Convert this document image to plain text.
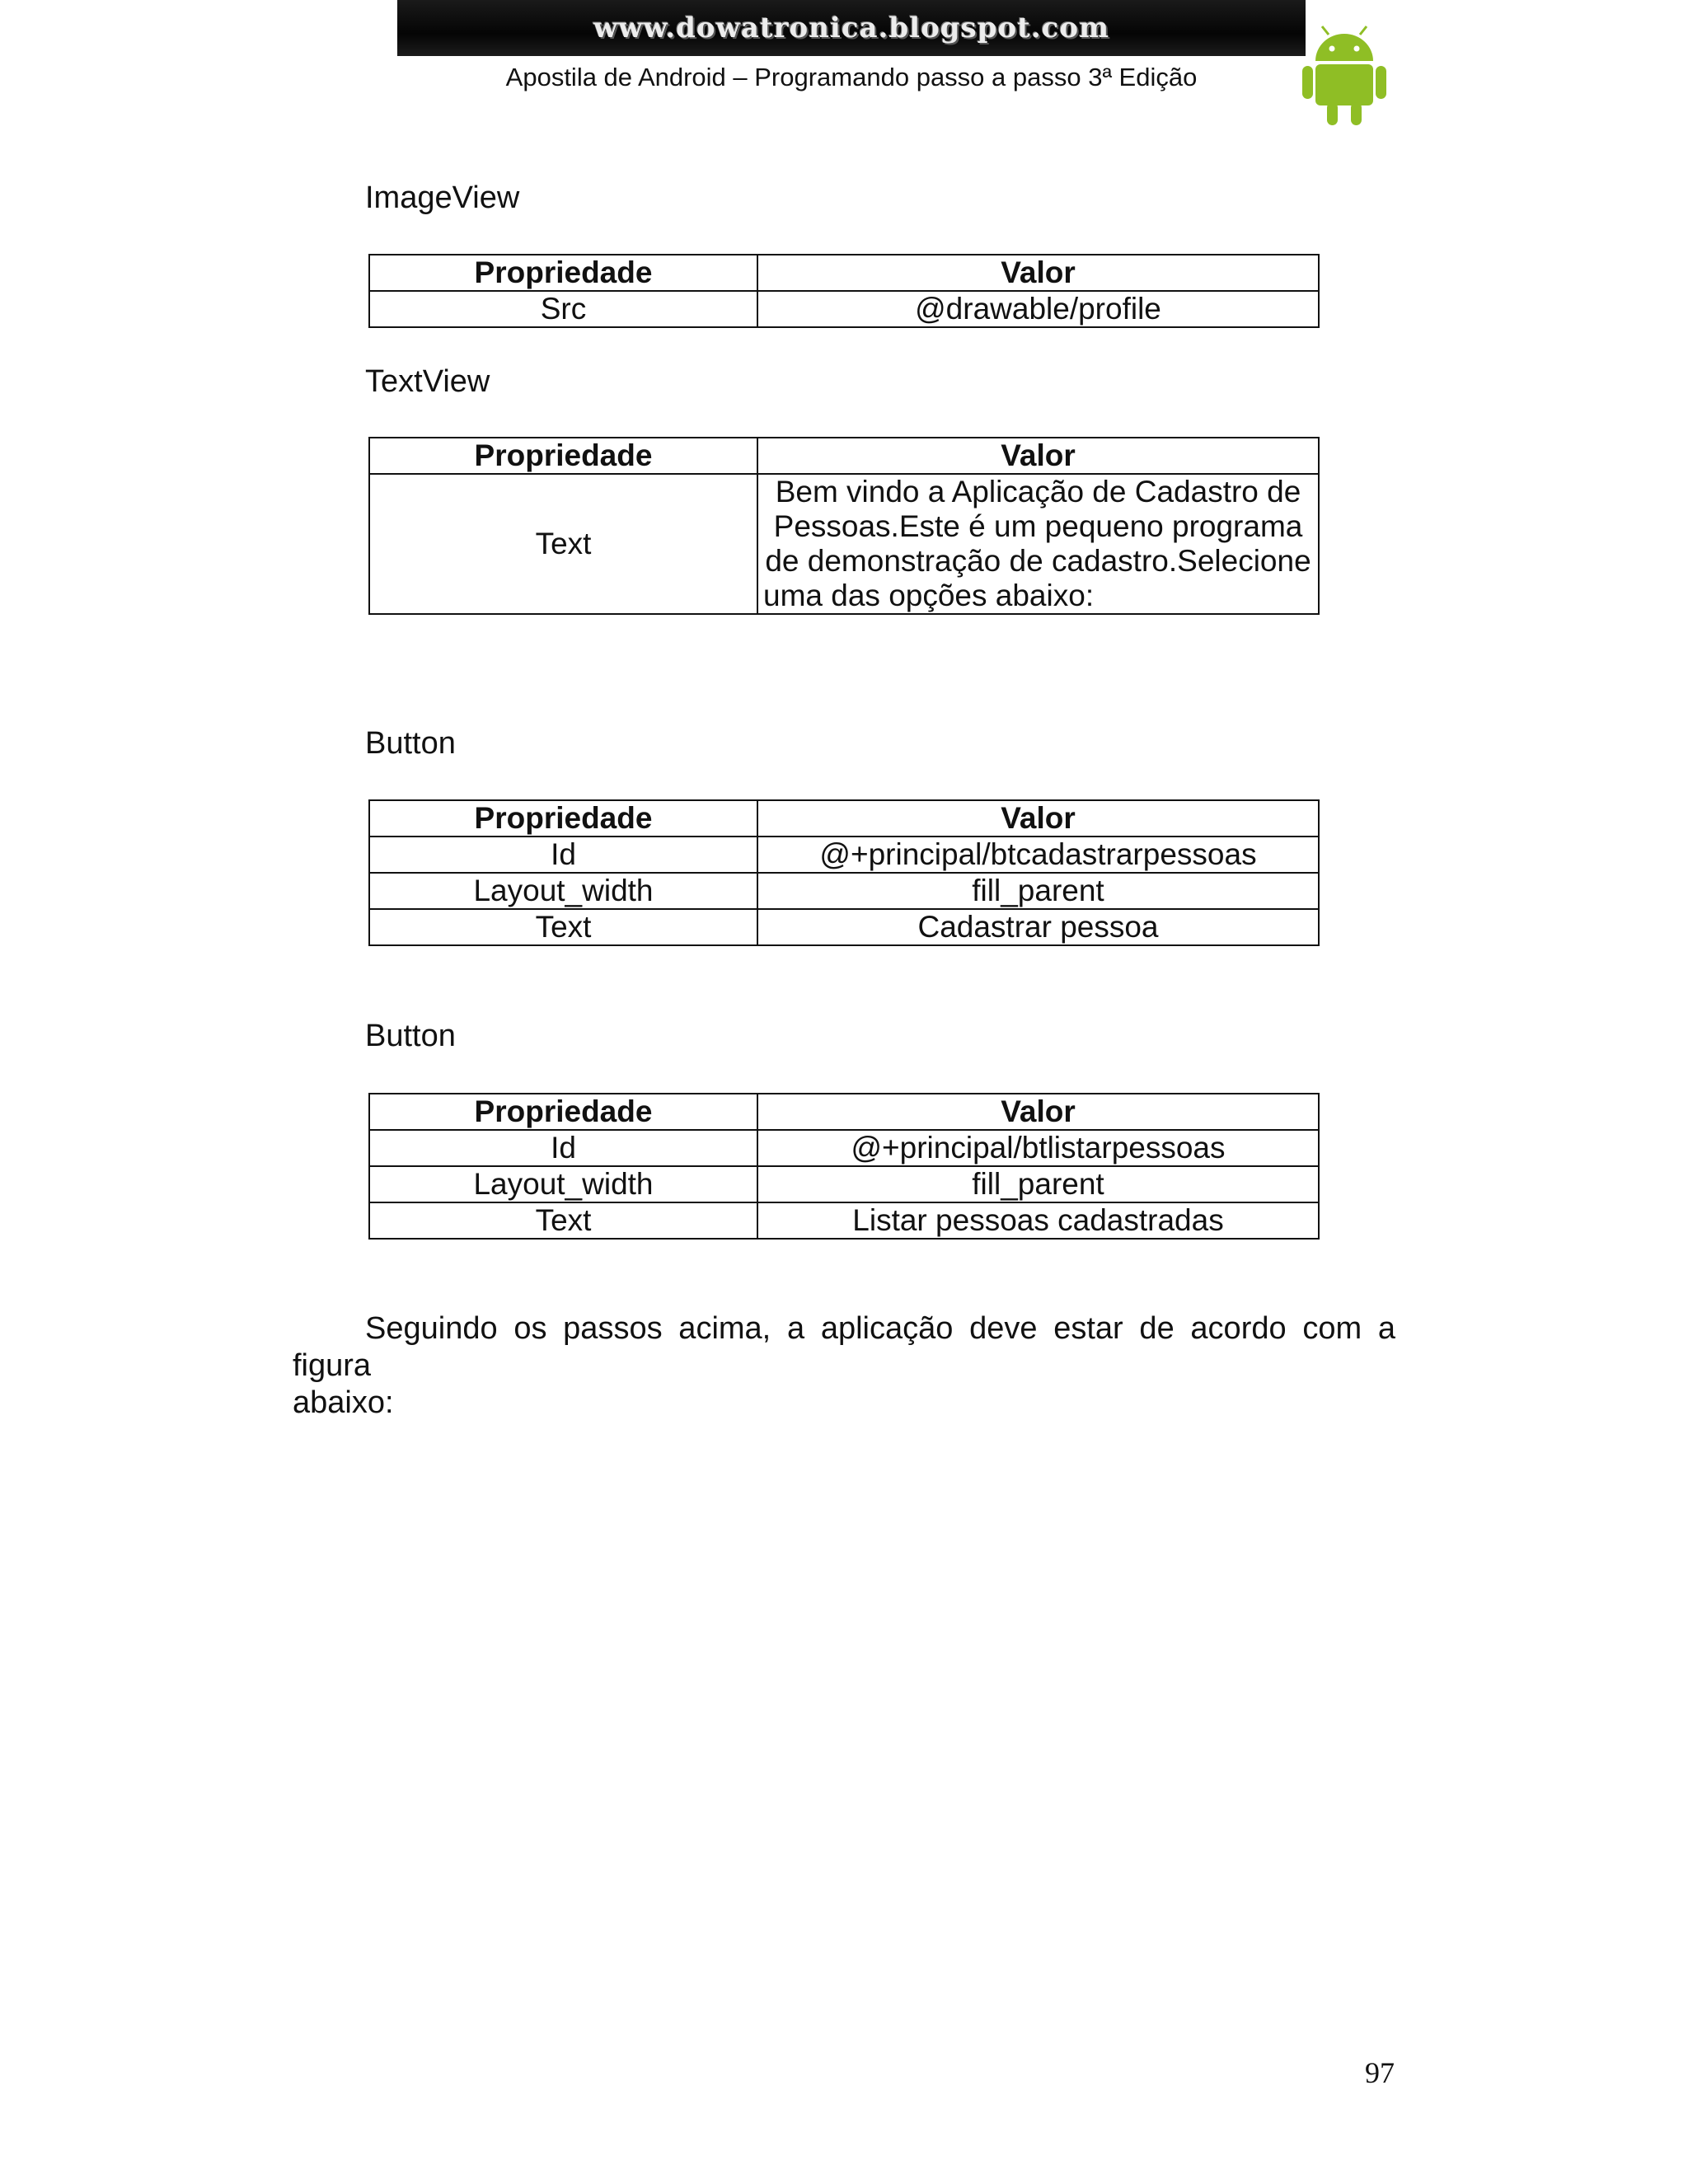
www.dowatronica.blogspot.com
Apostila de Android – Programando passo a passo 3ª Edição
ImageView
Propriedade	Valor
Src	@drawable/profile
TextView
Propriedade	Valor
Text	Bem vindo a Aplicação de Cadastro de Pessoas.Este é um pequeno programa de demonstração de cadastro.Selecione uma das opções abaixo:
Button
Propriedade	Valor
Id	@+principal/btcadastrarpessoas
Layout_width	fill_parent
Text	Cadastrar pessoa
Button
Propriedade	Valor
Id	@+principal/btlistarpessoas
Layout_width	fill_parent
Text	Listar pessoas cadastradas
Seguindo os passos acima, a aplicação deve estar de acordo com a figura
abaixo:
97
